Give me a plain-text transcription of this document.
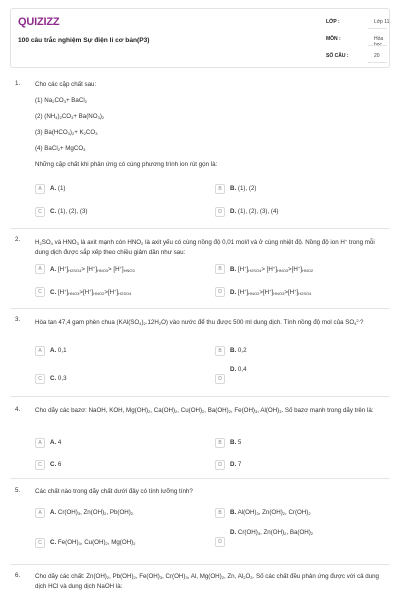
QUIZIZZ
100 câu trắc nghiệm Sự điện li cơ bản(P3)
LỚP :	Lớp 11
MÔN :	Hóa
SỐ CÂU :	20
1. Cho các cặp chất sau:
(1) $Na_2CO_3+$ BaCl$_2$
(2) $(NH_4)_2CO_3+ Ba(NO_3)_2$
(3) $Ba(HCO_3)_2+ K_2CO_3$
(4) BaCl$_2$+ MgCO$_3$
Những cặp chất khi phản ứng có cùng phương trình ion rút gọn là:
A	A. (1)	B	B. (1), (2)
C	C. (1), (2), (3)	D	D. (1), (2), (3), (4)
2. $H_2SO_4$ và $HNO_3$ là axit mạnh còn $HNO_2$ là axit yếu có cùng nồng độ 0,01 mol/l và ở cùng nhiệt độ. Nồng độ ion H+ trong mỗi dung dịch được sắp xếp theo chiều giảm dần như sau:
A	A. $[H^+]_{H2SO4}> [H^+]_{HNO3}> [H^+]_{HNO3}$	B	B. $[H^+]_{H2SO4}> [H^+]_{HNO3}>[H^+]_{HNO2}$
C	C. $[H^+]_{HNO3}>[H^+]_{HNO2}>[H^+]_{H2SO4}$	D	D. $[H^+]_{HNO2}>[H^+]_{HNO3}>[H^+]_{H2SO4}$
3. Hòa tan 47,4 gam phèn chua $(KAl(SO_4)_2.12H_2O)$ vào nước để thu được 500 ml dung dịch. Tính nồng độ mol của $SO_4^{2-}$?
A	A. 0,1	B	B. 0,2
C	C. 0,3	D
D. 0,4
4. Cho dãy các bazơ: NaOH, KOH, $Mg(OH)_2$, $Ca(OH)_2$, $Cu(OH)_2$, $Ba(OH)_2$, $Fe(OH)_3$, $Al(OH)_3$. Số bazơ mạnh trong dãy trên là:
A	A. 4	B	B. 5
C	C. 6	D	D. 7
5. Các chất nào trong dãy chất dưới đây có tính lưỡng tính?
A	A. $Cr(OH)_3$, $Zn(OH)_2$, $Pb(OH)_2$	B	B. $Al(OH)_3$, $Zn(OH)_2$, $Cr(OH)_2$
C	C. $Fe(OH)_3$, $Cu(OH)_2$, $Mg(OH)_2$	D
D. $Cr(OH)_3$, $Zn(OH)_2$, $Ba(OH)_2$
6. Cho dãy các chất: $Zn(OH)_2$, $Pb(OH)_2$, $Fe(OH)_3$, $Cr(OH)_3$, Al, $Mg(OH)_2$, Zn, $Al_2O_3$. Số các chất đều phản ứng được với cả dung dịch HCl và dung dịch NaOH là:
